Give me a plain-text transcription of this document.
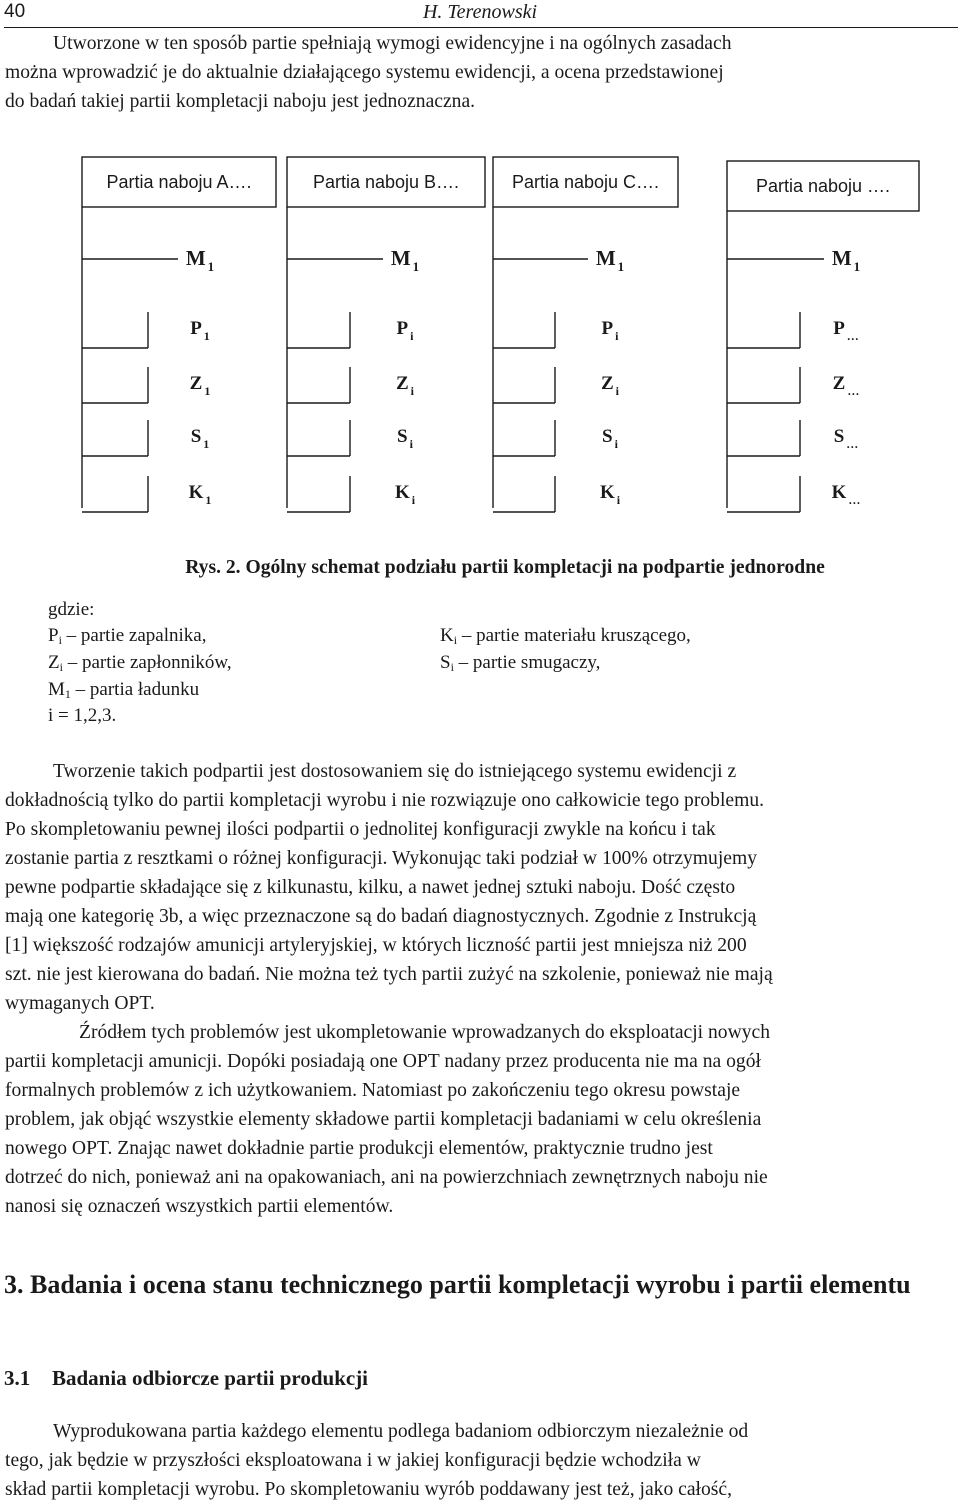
40	H. Terenowski
Utworzone w ten sposób partie spełniają wymogi ewidencyjne i na ogólnych zasadach
można wprowadzić je do aktualnie działającego systemu ewidencji, a ocena przedstawionej
do badań takiej partii kompletacji naboju jest jednoznaczna.
Partia naboju A….
M $_1$
P $_1$
Z $_1$
S $_1$
K $_1$
Partia naboju B….
M $_1$
P $_i$
Z $_i$
S $_i$
K $_i$
Partia naboju C….
M $_1$
P $_i$
Z $_i$
S $_i$
K $_i$
Partia naboju ….
M $_1$
P $_\dots$
Z $_\dots$
S $_\dots$
K $_\dots$
Rys. 2. Ogólny schemat podziału partii kompletacji na podpartie jednorodne
gdzie:
$P_i$ – partie zapalnika,
$Z_i$ – partie zapłonników,
$M_1$ – partia ładunku
$K_i$ – partie materiału kruszącego,
$S_i$ – partie smugaczy,
i = 1,2,3.
Tworzenie takich podpartii jest dostosowaniem się do istniejącego systemu ewidencji z
dokładnością tylko do partii kompletacji wyrobu i nie rozwiązuje ono całkowicie tego problemu.
Po skompletowaniu pewnej ilości podpartii o jednolitej konfiguracji zwykle na końcu i tak
zostanie partia z resztkami o różnej konfiguracji. Wykonując taki podział w 100% otrzymujemy
pewne podpartie składające się z kilkunastu, kilku, a nawet jednej sztuki naboju. Dość często
mają one kategorię 3b, a więc przeznaczone są do badań diagnostycznych. Zgodnie z Instrukcją
[1] większość rodzajów amunicji artyleryjskiej, w których liczność partii jest mniejsza niż 200
szt. nie jest kierowana do badań. Nie można też tych partii zużyć na szkolenie, ponieważ nie mają
wymaganych OPT.
Źródłem tych problemów jest ukompletowanie wprowadzanych do eksploatacji nowych
partii kompletacji amunicji. Dopóki posiadają one OPT nadany przez producenta nie ma na ogół
formalnych problemów z ich użytkowaniem. Natomiast po zakończeniu tego okresu powstaje
problem, jak objąć wszystkie elementy składowe partii kompletacji badaniami w celu określenia
nowego OPT. Znając nawet dokładnie partie produkcji elementów, praktycznie trudno jest
dotrzeć do nich, ponieważ ani na opakowaniach, ani na powierzchniach zewnętrznych naboju nie
nanosi się oznaczeń wszystkich partii elementów.
3. Badania i ocena stanu technicznego partii kompletacji wyrobu i partii elementu
3.1 Badania odbiorcze partii produkcji
Wyprodukowana partia każdego elementu podlega badaniom odbiorczym niezależnie od
tego, jak będzie w przyszłości eksploatowana i w jakiej konfiguracji będzie wchodziła w
skład partii kompletacji wyrobu. Po skompletowaniu wyrób poddawany jest też, jako całość,
